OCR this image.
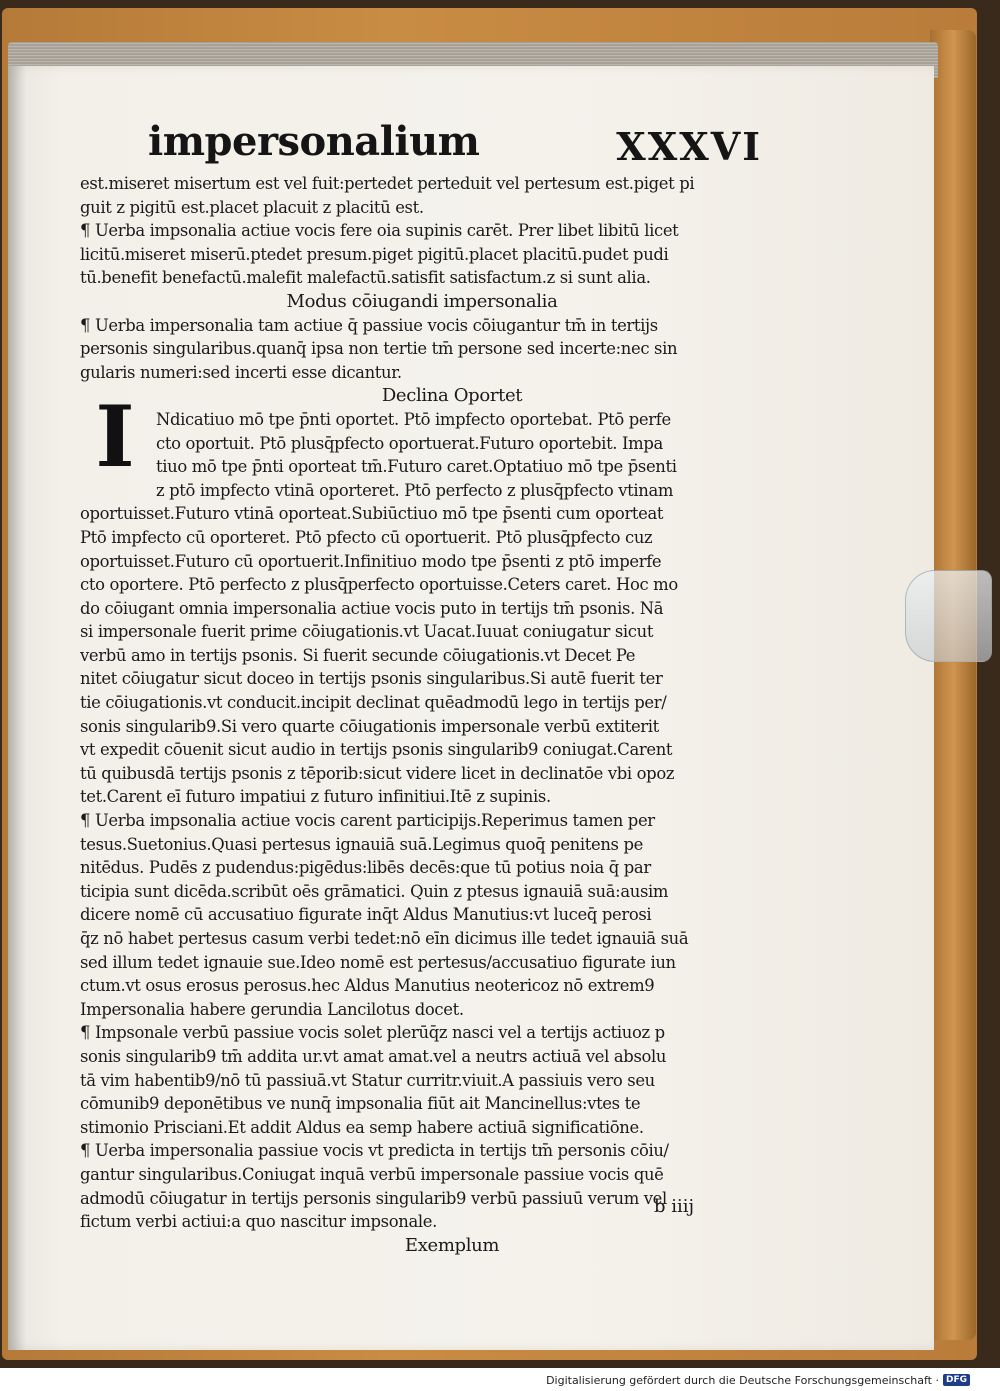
impersonalium	XXXVI
est.miseret misertum est vel fuit:pertedet perteduit vel pertesum est.piget pi
guit z pigitū est.placet placuit z placitū est.
¶ Uerba impsonalia actiue vocis fere oia supinis carēt. Prer libet libitū licet
licitū.miseret miserū.ptedet presum.piget pigitū.placet placitū.pudet pudi
tū.benefit benefactū.malefit malefactū.satisfit satisfactum.z si sunt alia.
Modus cōiugandi impersonalia
¶ Uerba impersonalia tam actiue q̄ passiue vocis cōiugantur tm̄ in tertijs
personis singularibus.quanq̄ ipsa non tertie tm̄ persone sed incerte:nec sin
gularis numeri:sed incerti esse dicantur.
Declina Oportet
Ndicatiuo mō tpe p̄nti oportet. Ptō impfecto oportebat. Ptō perfe
cto oportuit. Ptō plusq̄pfecto oportuerat.Futuro oportebit. Impa
tiuo mō tpe p̄nti oporteat tm̄.Futuro caret.Optatiuo mō tpe p̄senti
z ptō impfecto vtinā oporteret. Ptō perfecto z plusq̄pfecto vtinam
oportuisset.Futuro vtinā oporteat.Subiūctiuo mō tpe p̄senti cum oporteat
Ptō impfecto cū oporteret. Ptō pfecto cū oportuerit. Ptō plusq̄pfecto cuz
oportuisset.Futuro cū oportuerit.Infinitiuo modo tpe p̄senti z ptō imperfe
cto oportere. Ptō perfecto z plusq̄perfecto oportuisse.Ceters caret. Hoc mo
do cōiugant omnia impersonalia actiue vocis puto in tertijs tm̄ psonis. Nā
si impersonale fuerit prime cōiugationis.vt Uacat.Iuuat coniugatur sicut
verbū amo in tertijs psonis. Si fuerit secunde cōiugationis.vt Decet Pe
nitet cōiugatur sicut doceo in tertijs psonis singularibus.Si autē fuerit ter
tie cōiugationis.vt conducit.incipit declinat quēadmodū lego in tertijs per/
sonis singularib9.Si vero quarte cōiugationis impersonale verbū extiterit
vt expedit cōuenit sicut audio in tertijs psonis singularib9 coniugat.Carent
tū quibusdā tertijs psonis z tēporib:sicut videre licet in declinatōe vbi opoz
tet.Carent eī futuro impatiui z futuro infinitiui.Itē z supinis.
¶ Uerba impsonalia actiue vocis carent participijs.Reperimus tamen per
tesus.Suetonius.Quasi pertesus ignauiā suā.Legimus quoq̄ penitens pe
nitēdus. Pudēs z pudendus:pigēdus:libēs decēs:que tū potius noia q̄ par
ticipia sunt dicēda.scribūt oēs grāmatici. Quin z ptesus ignauiā suā:ausim
dicere nomē cū accusatiuo figurate inq̄t Aldus Manutius:vt luceq̄ perosi
q̄z nō habet pertesus casum verbi tedet:nō eīn dicimus ille tedet ignauiā suā
sed illum tedet ignauie sue.Ideo nomē est pertesus/accusatiuo figurate iun
ctum.vt osus erosus perosus.hec Aldus Manutius neotericoz nō extrem9
Impersonalia habere gerundia Lancilotus docet.
¶ Impsonale verbū passiue vocis solet plerūq̄z nasci vel a tertijs actiuoz p
sonis singularib9 tm̄ addita ur.vt amat amat.vel a neutrs actiuā vel absolu
tā vim habentib9/nō tū passiuā.vt Statur curritr.viuit.A passiuis vero seu
cōmunib9 deponētibus ve nunq̄ impsonalia fiūt ait Mancinellus:vtes te
stimonio Prisciani.Et addit Aldus ea semp habere actiuā significatiōne.
¶ Uerba impersonalia passiue vocis vt predicta in tertijs tm̄ personis cōiu/
gantur singularibus.Coniugat inquā verbū impersonale passiue vocis quē
admodū cōiugatur in tertijs personis singularib9 verbū passiuū verum vel
fictum verbi actiui:a quo nascitur impsonale.
Exemplum
I
b iiij
Digitalisierung gefördert durch die Deutsche Forschungsgemeinschaft · DFG
